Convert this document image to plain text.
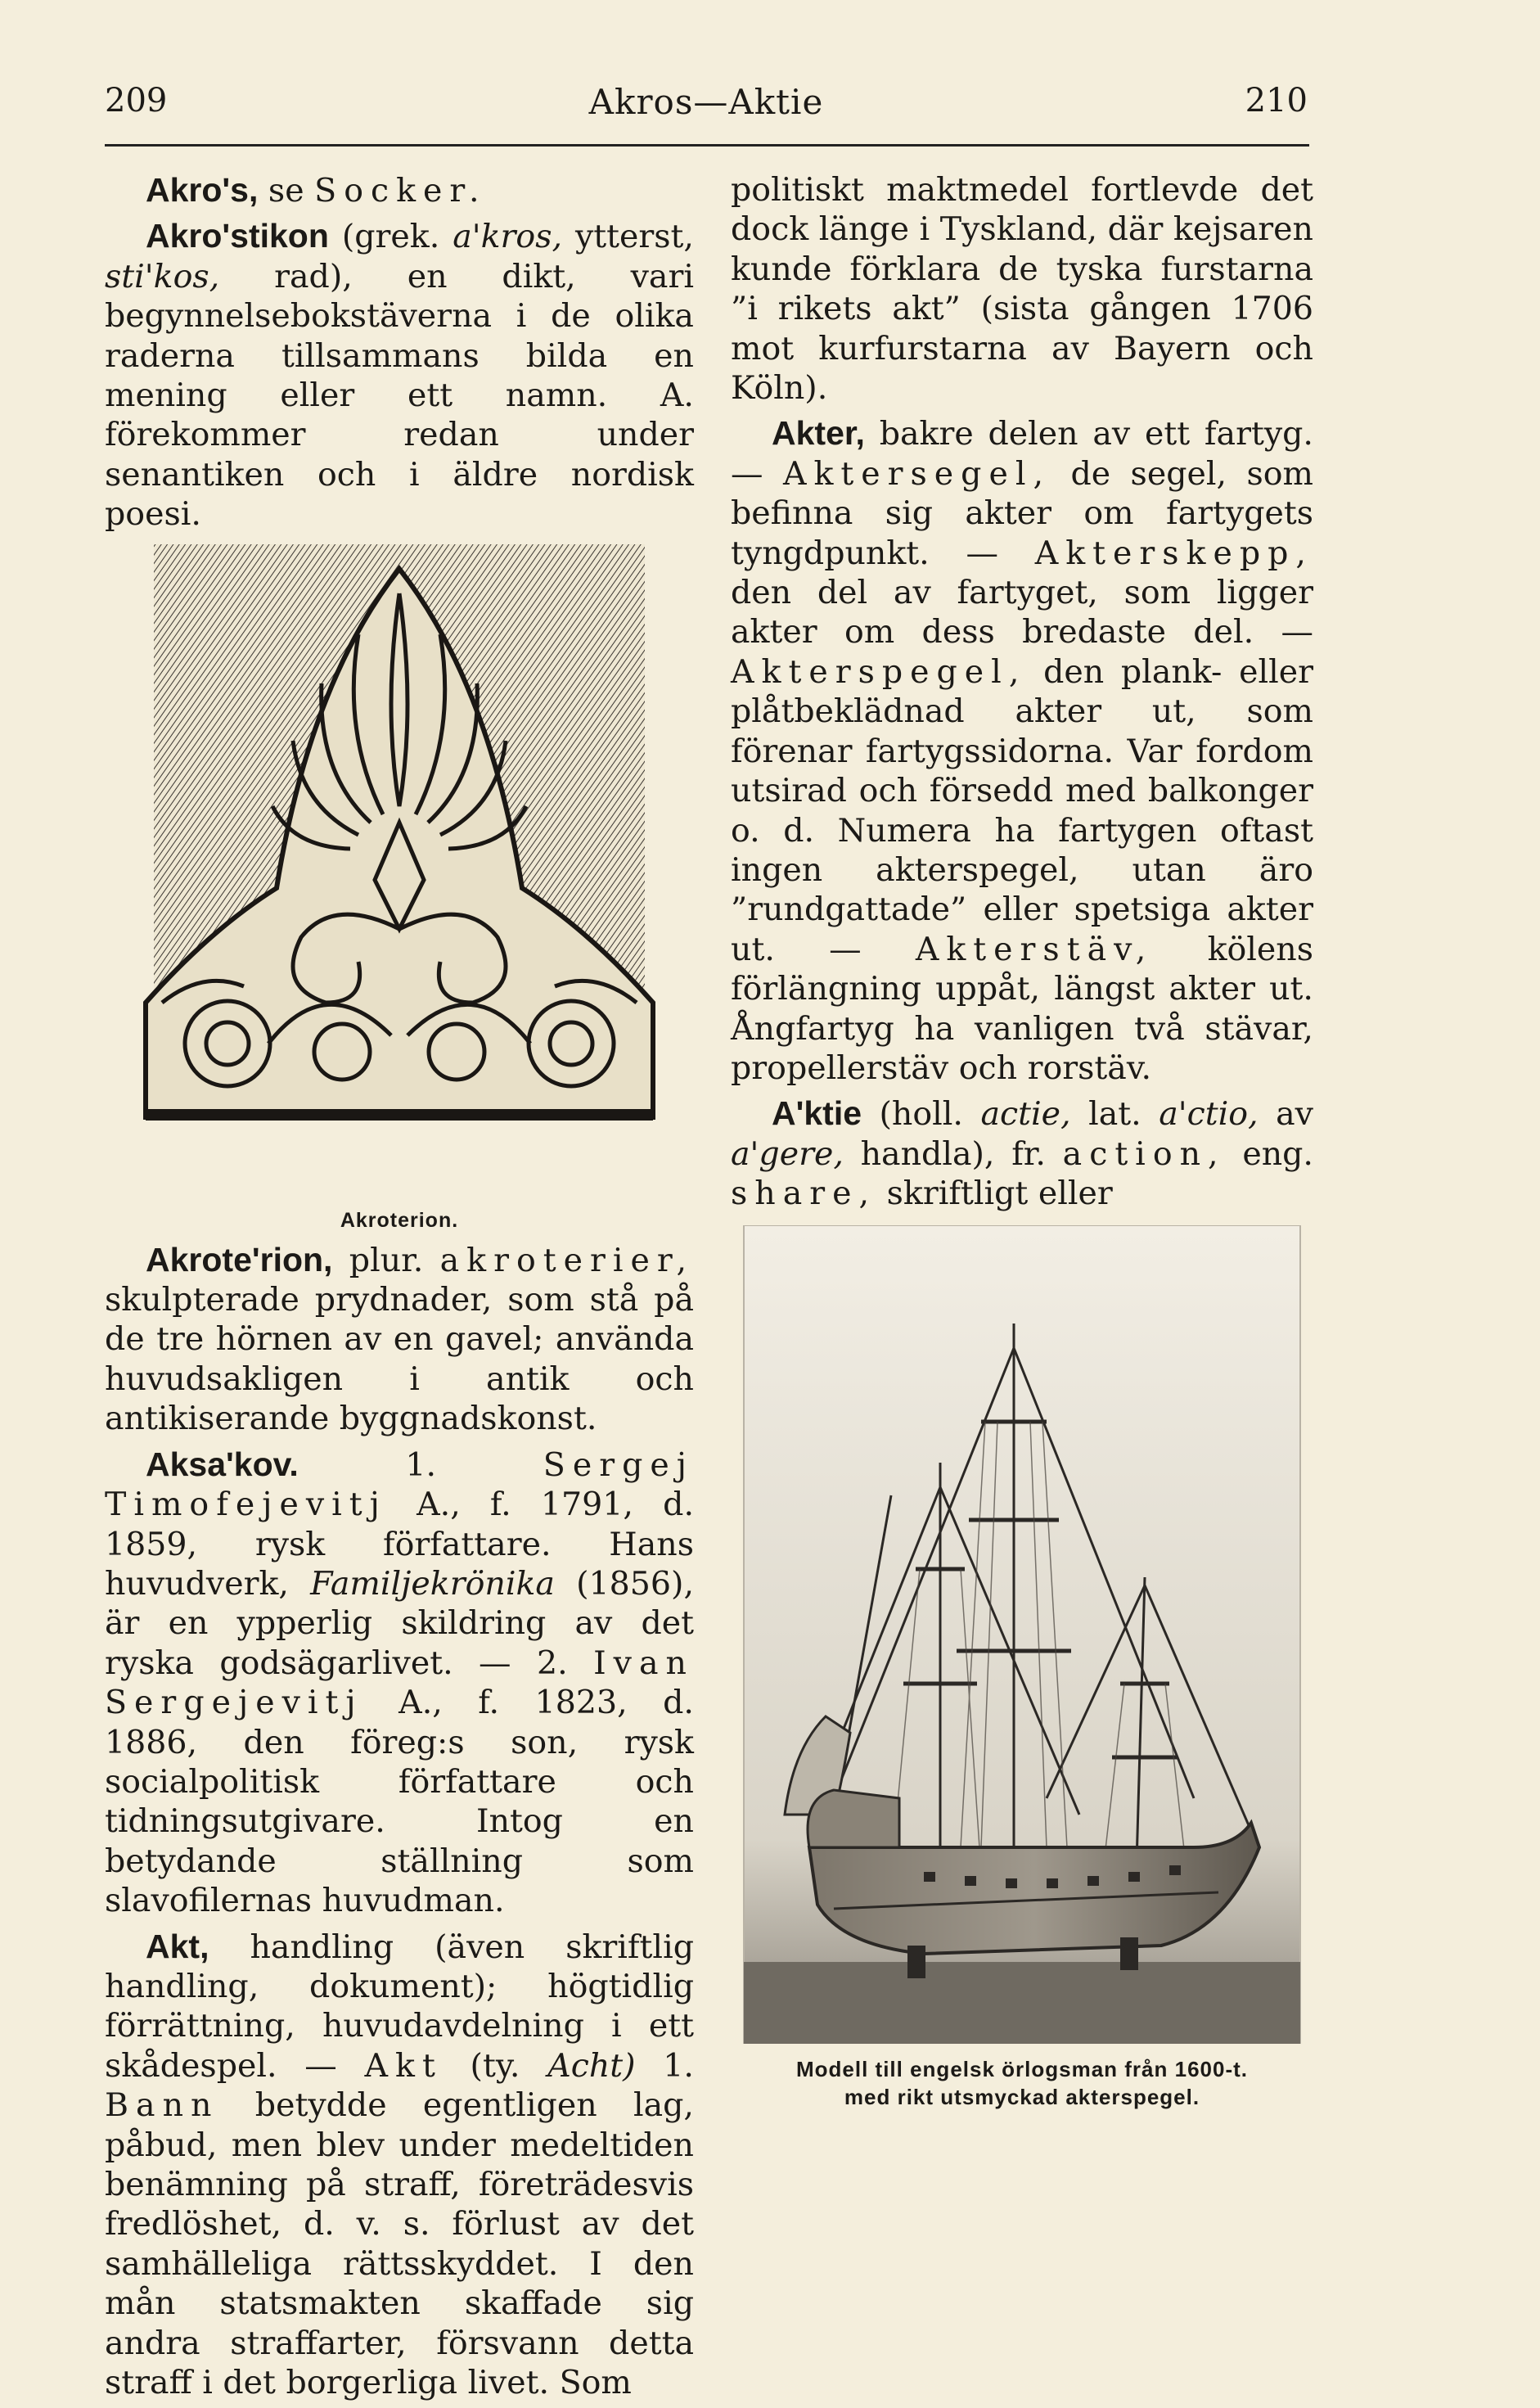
209	Akros—Aktie	210

Akro's, se Socker.

Akro'stikon (grek. a'kros, ytterst, sti'kos, rad), en dikt, vari begynnelsebokstäverna i de olika raderna tillsammans bilda en mening eller ett namn. A. förekommer redan under senantiken och i äldre nordisk poesi.

Akroterion.

Akrote'rion, plur. akroterier, skulpterade prydnader, som stå på de tre hörnen av en gavel; använda huvudsakligen i antik och antikiserande byggnadskonst.

Aksa'kov.	1.	Sergej Timofejevitj A., f. 1791, d. 1859, rysk författare. Hans huvudverk, Familjekrönika (1856), är en ypperlig skildring av det ryska godsägarlivet. — 2. Ivan Sergejevitj A., f. 1823, d. 1886, den föreg:s son, rysk socialpolitisk författare och tidningsutgivare. Intog en betydande ställning som slavofilernas huvudman.

Akt, handling (även skriftlig handling, dokument); högtidlig förrättning, huvudavdelning i ett skådespel. — Akt (ty. Acht) 1. Bann betydde egentligen lag, påbud, men blev under medeltiden benämning på straff, företrädesvis fredlöshet, d. v. s. förlust av det samhälleliga rättsskyddet. I den mån statsmakten skaffade sig andra straffarter, försvann detta straff i det borgerliga livet. Som

politiskt maktmedel fortlevde det dock länge i Tyskland, där kejsaren kunde förklara de tyska furstarna ”i rikets akt” (sista gången 1706 mot kurfurstarna av Bayern och Köln).

Akter, bakre delen av ett fartyg. — Aktersegel, de segel, som befinna sig akter om fartygets tyngdpunkt. — Akterskepp, den del av fartyget, som ligger akter om dess bredaste del. — Akterspegel, den plank- eller plåtbeklädnad akter ut, som förenar fartygssidorna. Var fordom utsirad och försedd med balkonger o. d. Numera ha fartygen oftast ingen akterspegel, utan äro ”rundgattade” eller spetsiga akter ut. — Akterstäv, kölens förlängning uppåt, längst akter ut. Ångfartyg ha vanligen två stävar, propellerstäv och rorstäv.

A'ktie (holl. actie, lat. a'ctio, av a'gere, handla), fr. action, eng. share, skriftligt eller

Modell till engelsk örlogsman från 1600-t.
med rikt utsmyckad akterspegel.
